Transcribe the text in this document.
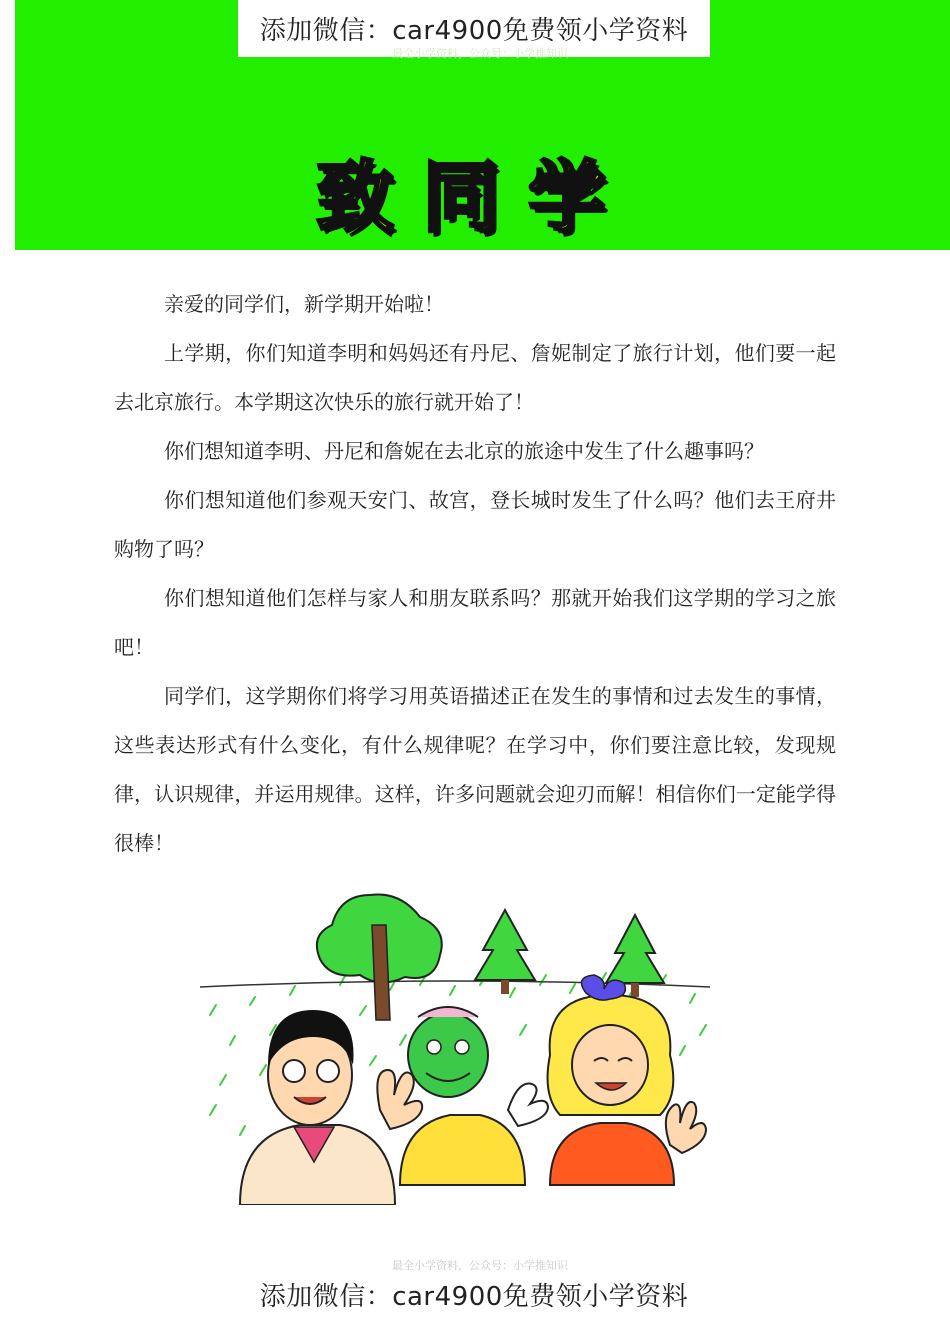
添加微信：car4900免费领小学资料
最全小学资料，公众号：小学推知识
致同学

亲爱的同学们，新学期开始啦！

上学期，你们知道李明和妈妈还有丹尼、詹妮制定了旅行计划，他们要一起去北京旅行。本学期这次快乐的旅行就开始了！

你们想知道李明、丹尼和詹妮在去北京的旅途中发生了什么趣事吗？

你们想知道他们参观天安门、故宫，登长城时发生了什么吗？他们去王府井购物了吗？

你们想知道他们怎样与家人和朋友联系吗？那就开始我们这学期的学习之旅吧！

同学们，这学期你们将学习用英语描述正在发生的事情和过去发生的事情，这些表达形式有什么变化，有什么规律呢？在学习中，你们要注意比较，发现规律，认识规律，并运用规律。这样，许多问题就会迎刃而解！相信你们一定能学得很棒！

最全小学资料，公众号：小学推知识
添加微信：car4900免费领小学资料
